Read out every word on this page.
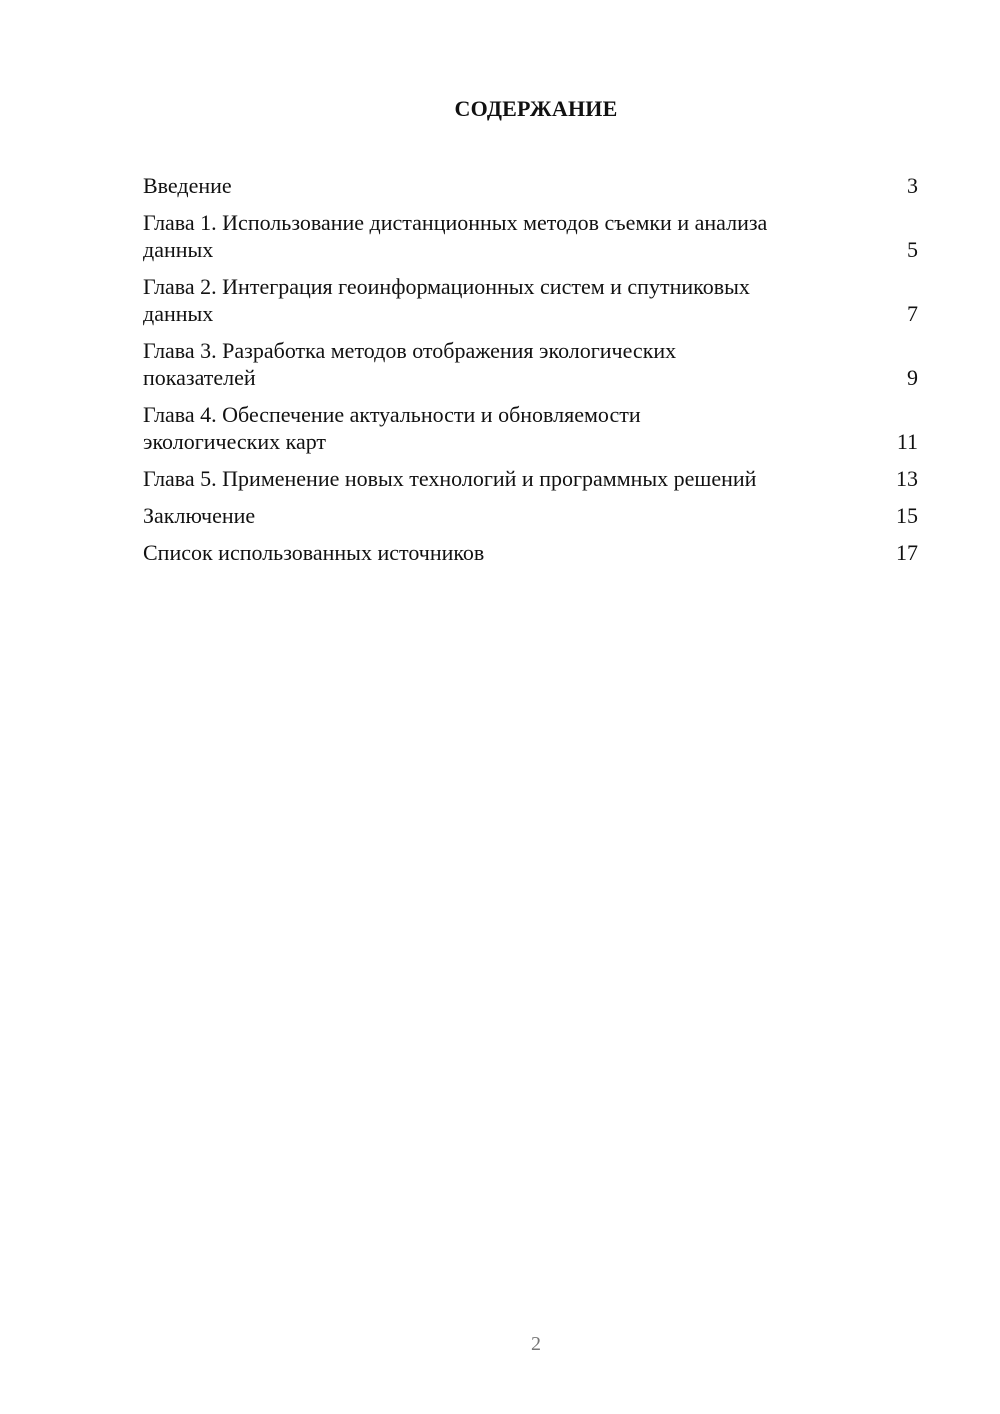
СОДЕРЖАНИЕ
Введение	3
Глава 1. Использование дистанционных методов съемки и анализа данных	5
Глава 2. Интеграция геоинформационных систем и спутниковых данных	7
Глава 3. Разработка методов отображения экологических показателей	9
Глава 4. Обеспечение актуальности и обновляемости экологических карт	11
Глава 5. Применение новых технологий и программных решений	13
Заключение	15
Список использованных источников	17
2
